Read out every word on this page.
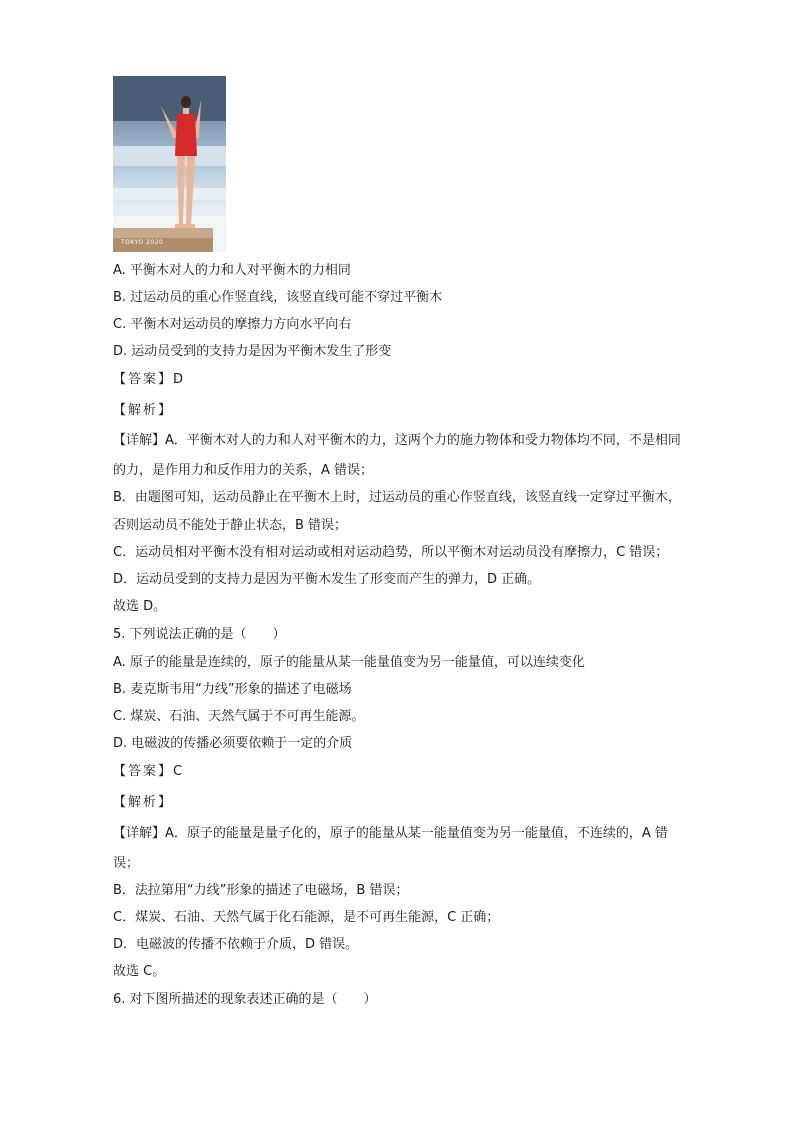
TOKYO 2020
A. 平衡木对人的力和人对平衡木的力相同
B. 过运动员的重心作竖直线，该竖直线可能不穿过平衡木
C. 平衡木对运动员的摩擦力方向水平向右
D. 运动员受到的支持力是因为平衡木发生了形变
【答案】D
【解析】
【详解】A．平衡木对人的力和人对平衡木的力，这两个力的施力物体和受力物体均不同，不是相同
的力，是作用力和反作用力的关系，A 错误；
B．由题图可知，运动员静止在平衡木上时，过运动员的重心作竖直线，该竖直线一定穿过平衡木，
否则运动员不能处于静止状态，B 错误；
C．运动员相对平衡木没有相对运动或相对运动趋势，所以平衡木对运动员没有摩擦力，C 错误；
D．运动员受到的支持力是因为平衡木发生了形变而产生的弹力，D 正确。
故选 D。
5. 下列说法正确的是（　　）
A. 原子的能量是连续的，原子的能量从某一能量值变为另一能量值，可以连续变化
B. 麦克斯韦用“力线”形象的描述了电磁场
C. 煤炭、石油、天然气属于不可再生能源。
D. 电磁波的传播必须要依赖于一定的介质
【答案】C
【解析】
【详解】A．原子的能量是量子化的，原子的能量从某一能量值变为另一能量值，不连续的，A 错
误；
B．法拉第用“力线”形象的描述了电磁场，B 错误；
C．煤炭、石油、天然气属于化石能源，是不可再生能源，C 正确；
D．电磁波的传播不依赖于介质，D 错误。
故选 C。
6. 对下图所描述的现象表述正确的是（　　）
